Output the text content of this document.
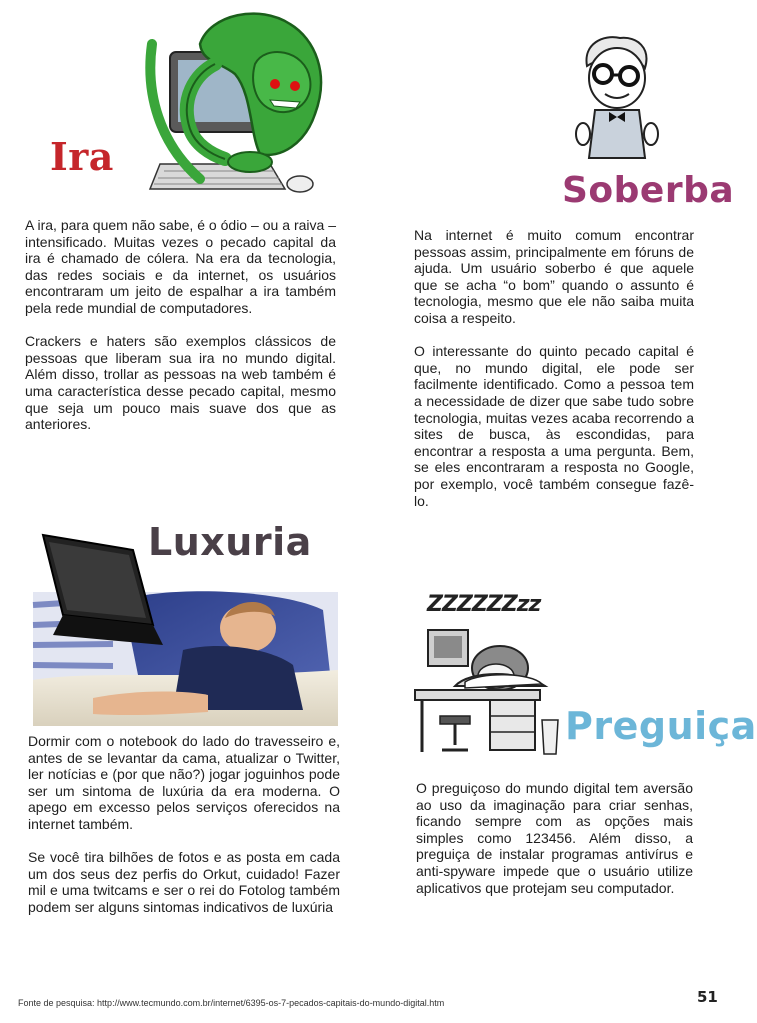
Ira

A ira, para quem não sabe, é o ódio – ou a raiva – intensificado. Muitas vezes o pecado capital da ira é chamado de cólera. Na era da tecnologia, das redes sociais e da internet, os usuários encontraram um jeito de espalhar a ira também pela rede mundial de computadores.

Crackers e haters são exemplos clássicos de pessoas que liberam sua ira no mundo digital. Além disso, trollar as pessoas na web também é uma característica desse pecado capital, mesmo que seja um pouco mais suave dos que as anteriores.

Soberba

Na internet é muito comum encontrar pessoas assim, principalmente em fóruns de ajuda. Um usuário soberbo é que aquele que se acha “o bom” quando o assunto é tecnologia, mesmo que ele não saiba muita coisa a respeito.

O interessante do quinto pecado capital é que, no mundo digital, ele pode ser facilmente identificado. Como a pessoa tem a necessidade de dizer que sabe tudo sobre tecnologia, muitas vezes acaba recorrendo a sites de busca, às escondidas, para encontrar a resposta a uma pergunta. Bem, se eles encontraram a resposta no Google, por exemplo, você também consegue fazê-lo.

Luxuria

Dormir com o notebook do lado do travesseiro e, antes de se levantar da cama, atualizar o Twitter, ler notícias e (por que não?) jogar joguinhos pode ser um sintoma de luxúria da era moderna. O apego em excesso pelos serviços oferecidos na internet também.

Se você tira bilhões de fotos e as posta em cada um dos seus dez perfis do Orkut, cuidado! Fazer mil e uma twitcams e ser o rei do Fotolog também podem ser alguns sintomas indicativos de luxúria

ZZZZZZzz
Preguiça

O preguiçoso do mundo digital tem aversão ao uso da imaginação para criar senhas, ficando sempre com as opções mais simples como 123456. Além disso, a preguiça de instalar programas antivírus e anti-spyware impede que o usuário utilize aplicativos que protejam seu computador.

Fonte de pesquisa: http://www.tecmundo.com.br/internet/6395-os-7-pecados-capitais-do-mundo-digital.htm	51
